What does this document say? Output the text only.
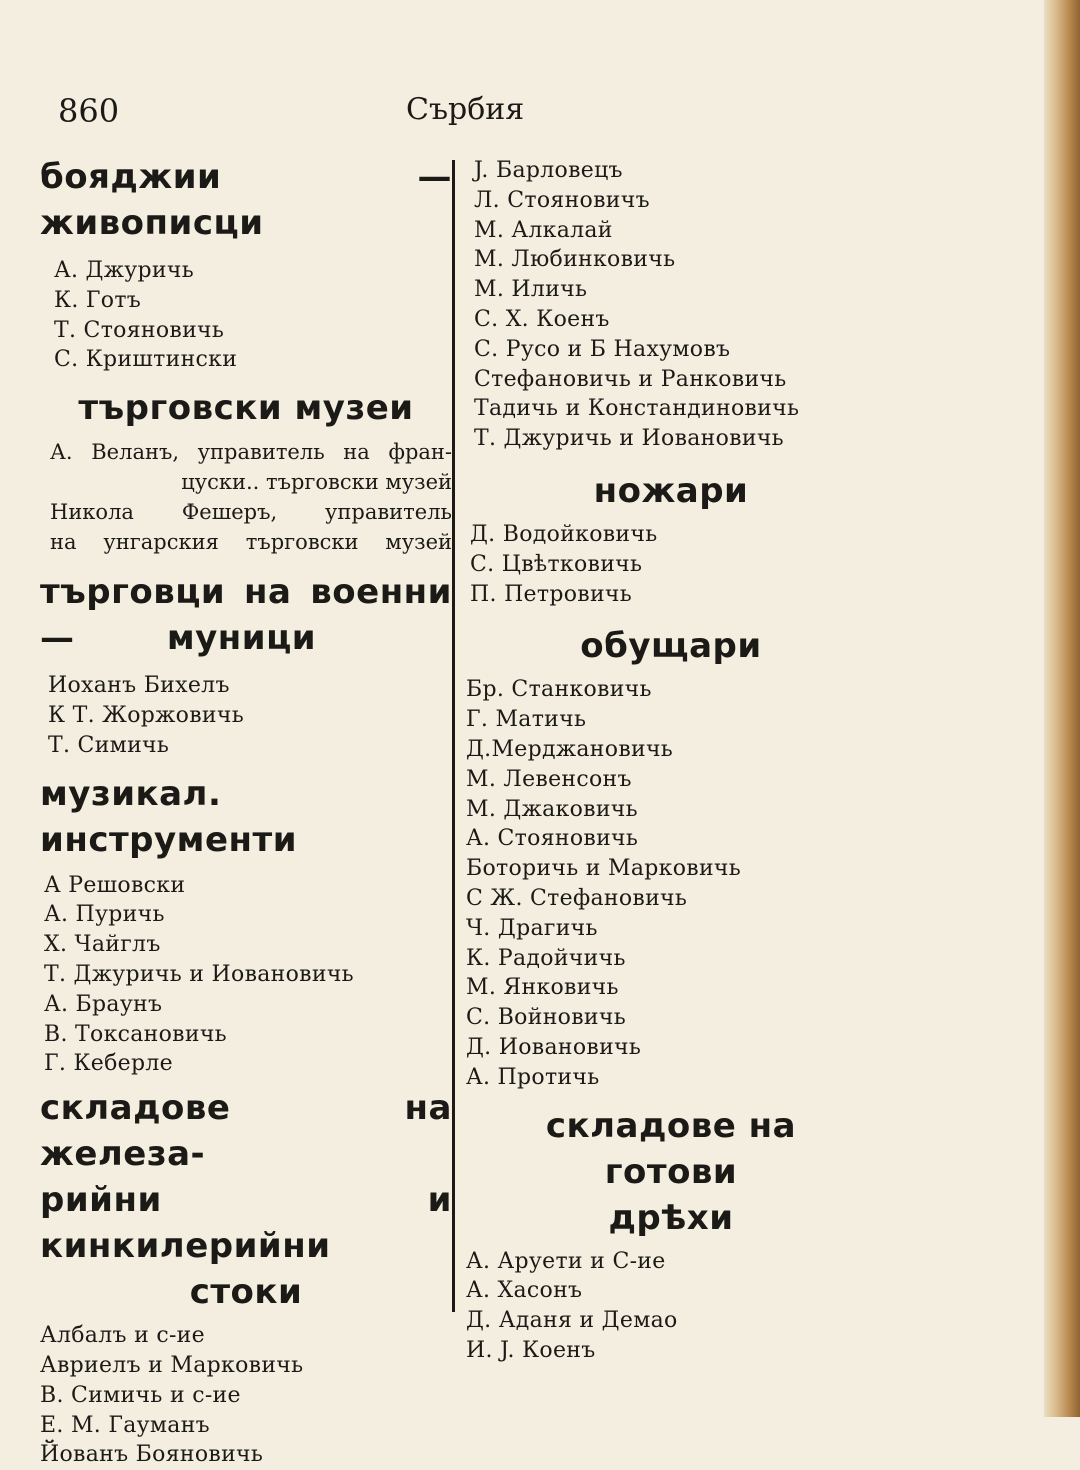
860	Сърбия
бояджии — живописци
А. Джуричь
К. Готъ
Т. Стояновичь
С. Криштински
търговски музеи

А. Веланъ, управитель на фран-
цуски.. търговски музей
Никола Фешеръ, управитель
на унгарския търговски музей

търговци на военни
— муници
Иоханъ Бихелъ
К Т. Жоржовичь
Т. Симичь
музикал. инструменти
А Решовски
А. Пуричь
Х. Чайглъ
Т. Джуричь и Иовановичь
А. Браунъ
В. Токсановичь
Г. Кеберле
складове на железа-
рийни и кинкилерийни
стоки
Албалъ и с-ие
Авриелъ и Марковичь
В. Симичь и с-ие
Е. М. Гауманъ
Йованъ Бояновичь
J. Барловецъ
Л. Стояновичъ
М. Алкалай
М. Любинковичь
М. Иличь
С. Х. Коенъ
С. Русо и Б Нахумовъ
Стефановичь и Ранковичь
Тадичь и Констандиновичь
Т. Джуричь и Иовановичь
ножари
Д. Водойковичь
С. Цвѣтковичь
П. Петровичь
обущари
Бр. Станковичь
Г. Матичь
Д.Мерджановичь
М. Левенсонъ
М. Джаковичь
А. Стояновичь
Боторичь и Марковичь
С Ж. Стефановичь
Ч. Драгичь
К. Радойчичь
М. Янковичь
С. Войновичь
Д. Иовановичь
А. Протичь
складове на готови
дрѣхи
А. Аруети и С-ие
А. Хасонъ
Д. Аданя и Демао
И. J. Коенъ
